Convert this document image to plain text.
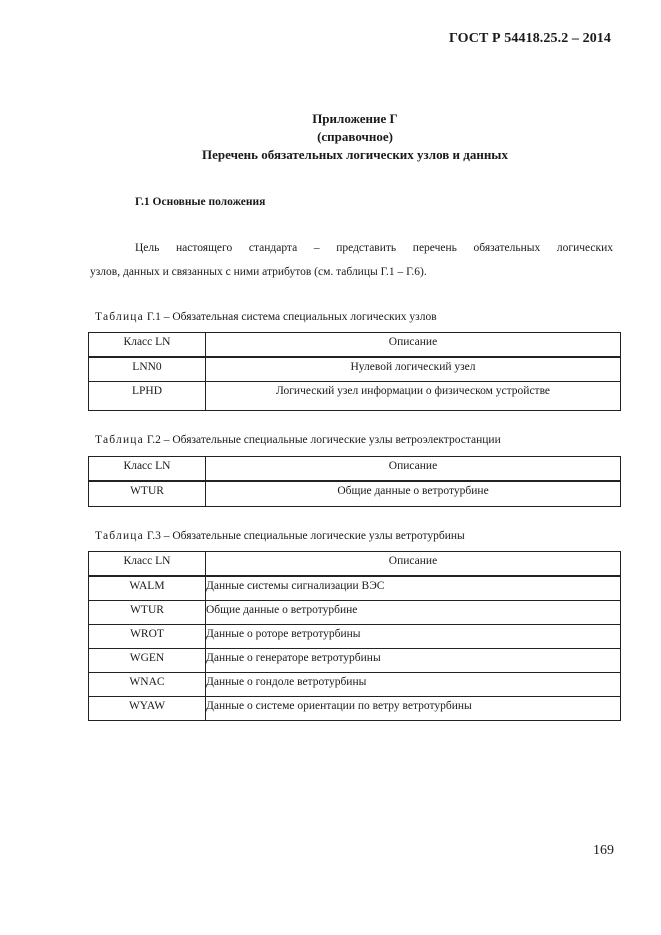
ГОСТ Р 54418.25.2 – 2014
Приложение Г
(справочное)
Перечень обязательных логических узлов и данных
Г.1 Основные положения
Цель настоящего стандарта – представить перечень обязательных логических
узлов, данных и связанных с ними атрибутов (см. таблицы Г.1 – Г.6).
Таблица Г.1 – Обязательная система специальных логических узлов
Класс LN	Описание
LNN0	Нулевой логический узел
LPHD	Логический узел информации о физическом устройстве
Таблица Г.2 – Обязательные специальные логические узлы ветроэлектростанции
Класс LN	Описание
WTUR	Общие данные о ветротурбине
Таблица Г.3 – Обязательные специальные логические узлы ветротурбины
Класс LN	Описание
WALM	Данные системы сигнализации ВЭС
WTUR	Общие данные о ветротурбине
WROT	Данные о роторе ветротурбины
WGEN	Данные о генераторе ветротурбины
WNAC	Данные о гондоле ветротурбины
WYAW	Данные о системе ориентации по ветру ветротурбины
169
